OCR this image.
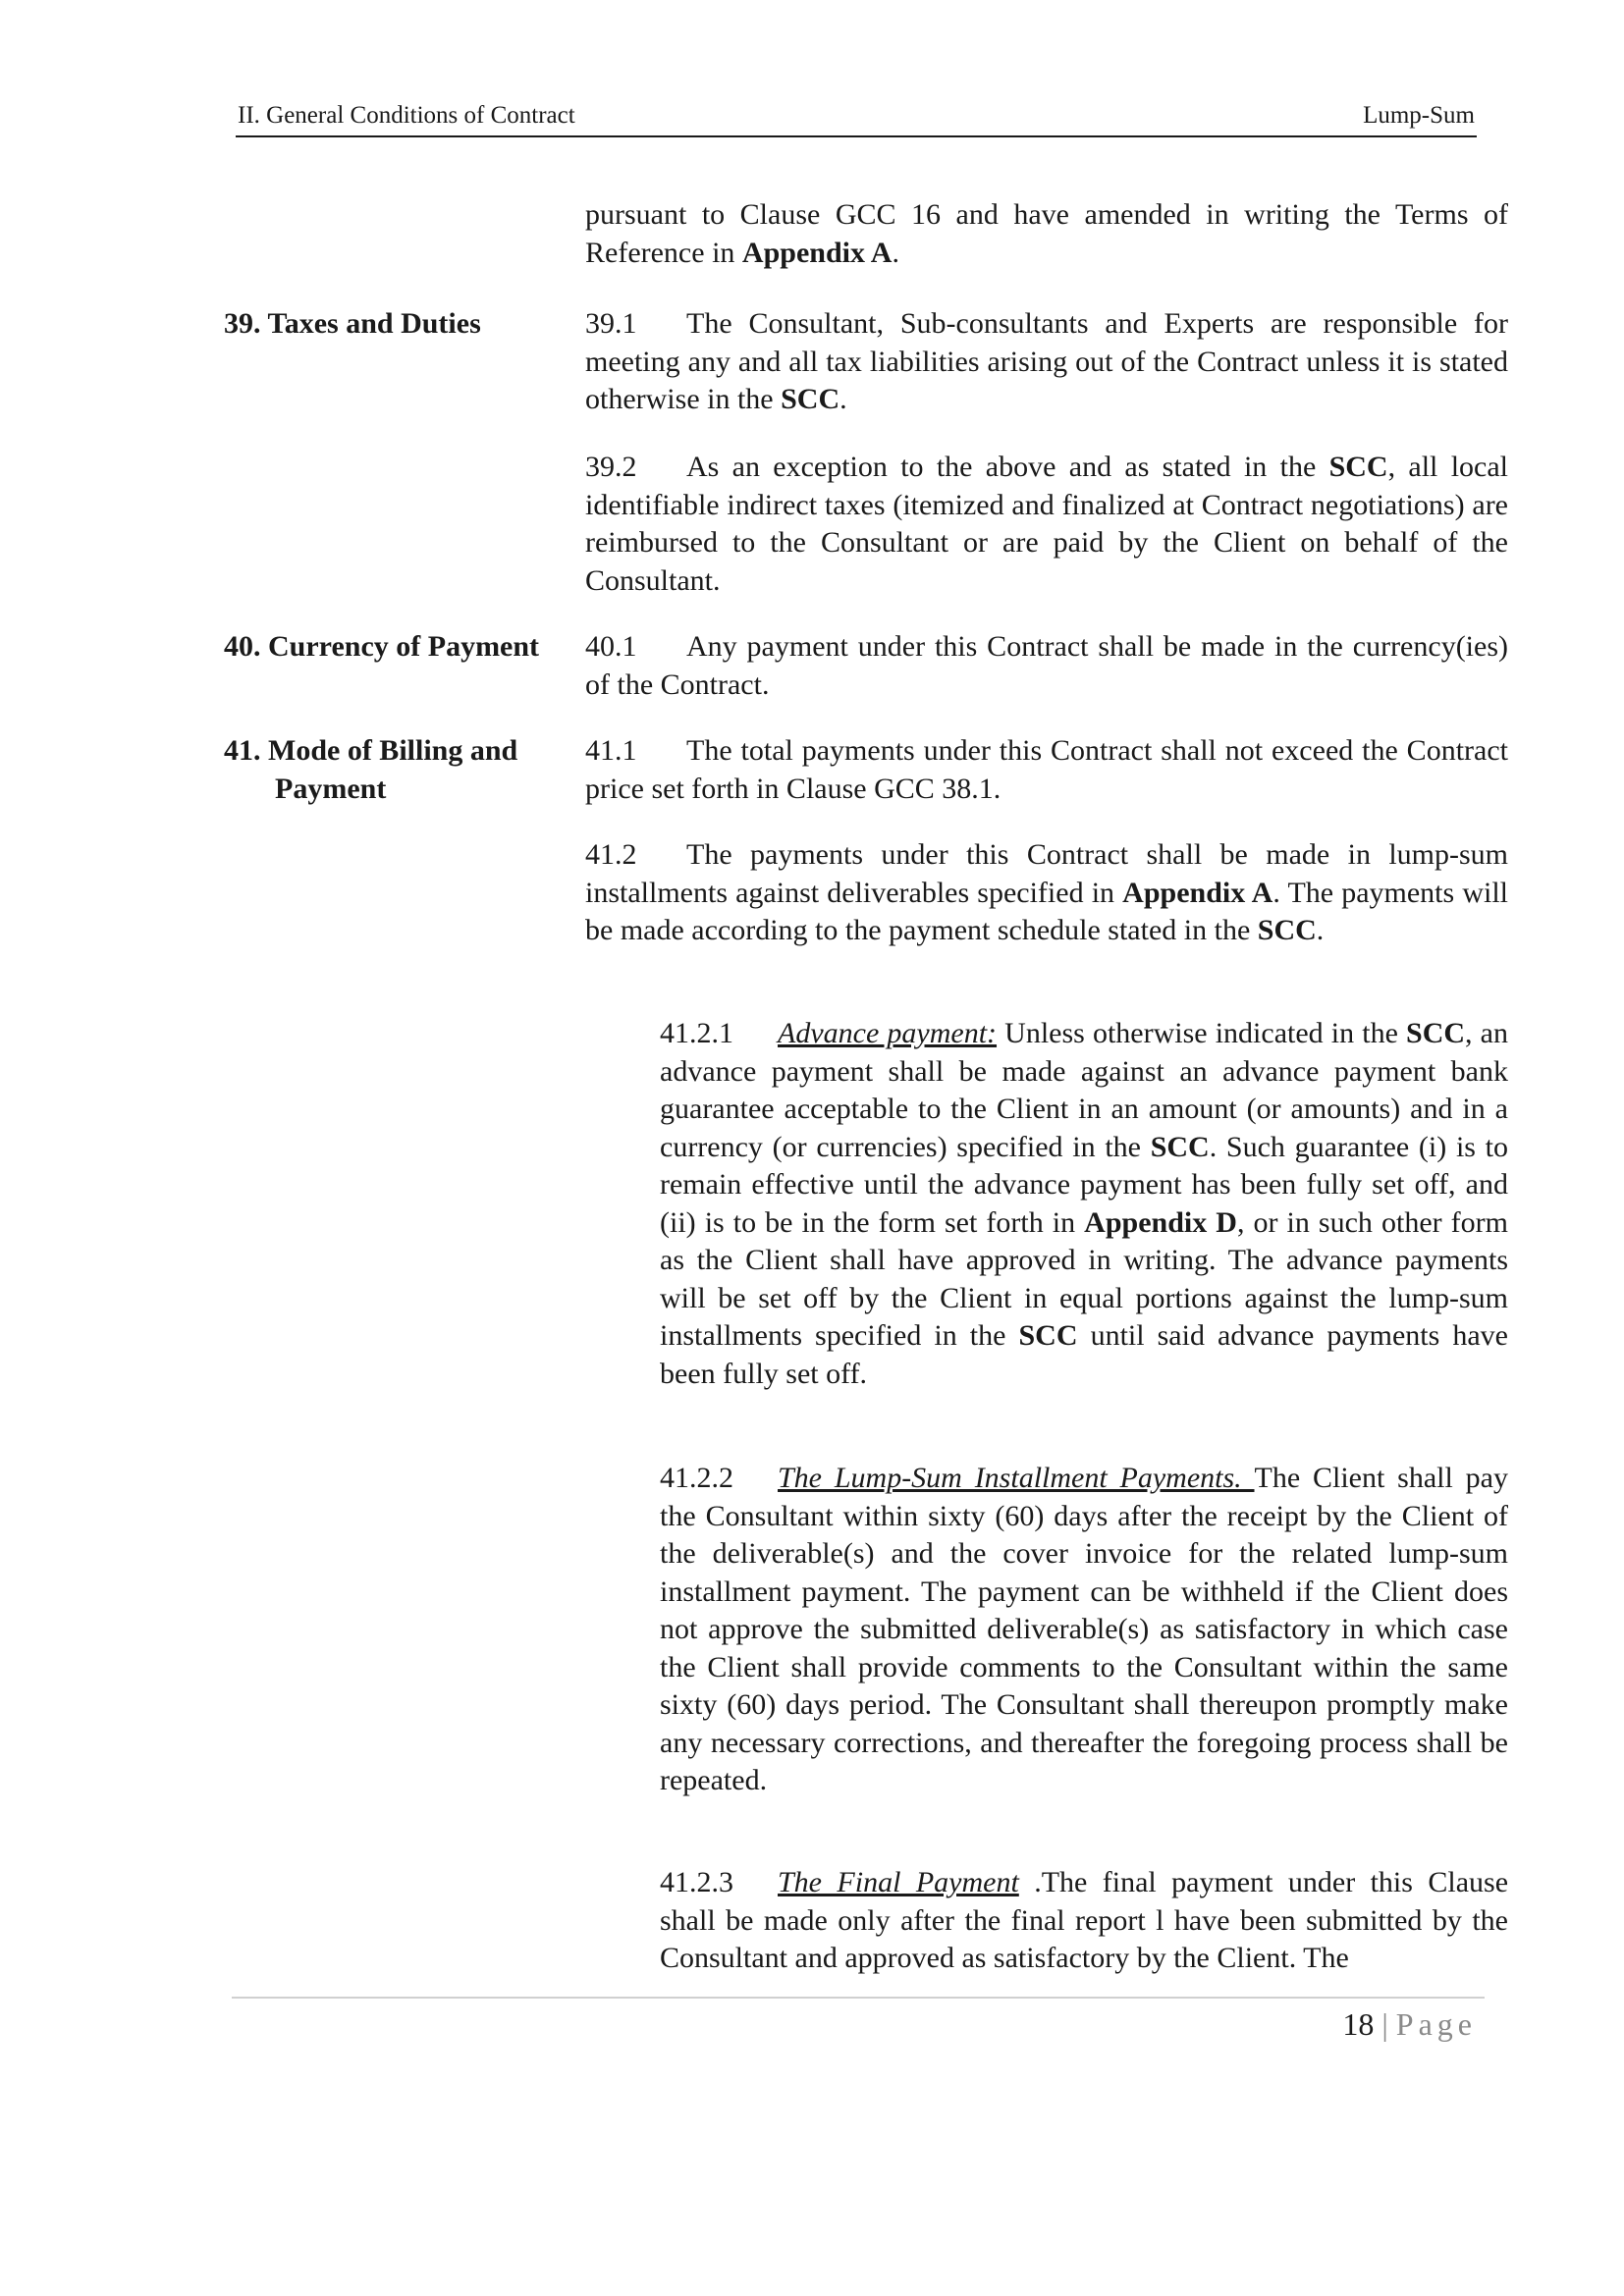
II. General Conditions of Contract	Lump-Sum
pursuant to Clause GCC 16 and have amended in writing the Terms of Reference in Appendix A.
39. Taxes and Duties	39.1 The Consultant, Sub-consultants and Experts are responsible for meeting any and all tax liabilities arising out of the Contract unless it is stated otherwise in the SCC.
39.2 As an exception to the above and as stated in the SCC, all local identifiable indirect taxes (itemized and finalized at Contract negotiations) are reimbursed to the Consultant or are paid by the Client on behalf of the Consultant.
40. Currency of Payment	40.1 Any payment under this Contract shall be made in the currency(ies) of the Contract.
41. Mode of Billing and Payment
41.1 The total payments under this Contract shall not exceed the Contract price set forth in Clause GCC 38.1.
41.2 The payments under this Contract shall be made in lump-sum installments against deliverables specified in Appendix A. The payments will be made according to the payment schedule stated in the SCC.
41.2.1 Advance payment: Unless otherwise indicated in the SCC, an advance payment shall be made against an advance payment bank guarantee acceptable to the Client in an amount (or amounts) and in a currency (or currencies) specified in the SCC. Such guarantee (i) is to remain effective until the advance payment has been fully set off, and (ii) is to be in the form set forth in Appendix D, or in such other form as the Client shall have approved in writing. The advance payments will be set off by the Client in equal portions against the lump-sum installments specified in the SCC until said advance payments have been fully set off.
41.2.2 The Lump-Sum Installment Payments. The Client shall pay the Consultant within sixty (60) days after the receipt by the Client of the deliverable(s) and the cover invoice for the related lump-sum installment payment. The payment can be withheld if the Client does not approve the submitted deliverable(s) as satisfactory in which case the Client shall provide comments to the Consultant within the same sixty (60) days period. The Consultant shall thereupon promptly make any necessary corrections, and thereafter the foregoing process shall be repeated.
41.2.3 The Final Payment .The final payment under this Clause shall be made only after the final report l have been submitted by the Consultant and approved as satisfactory by the Client. The
18 | Page
